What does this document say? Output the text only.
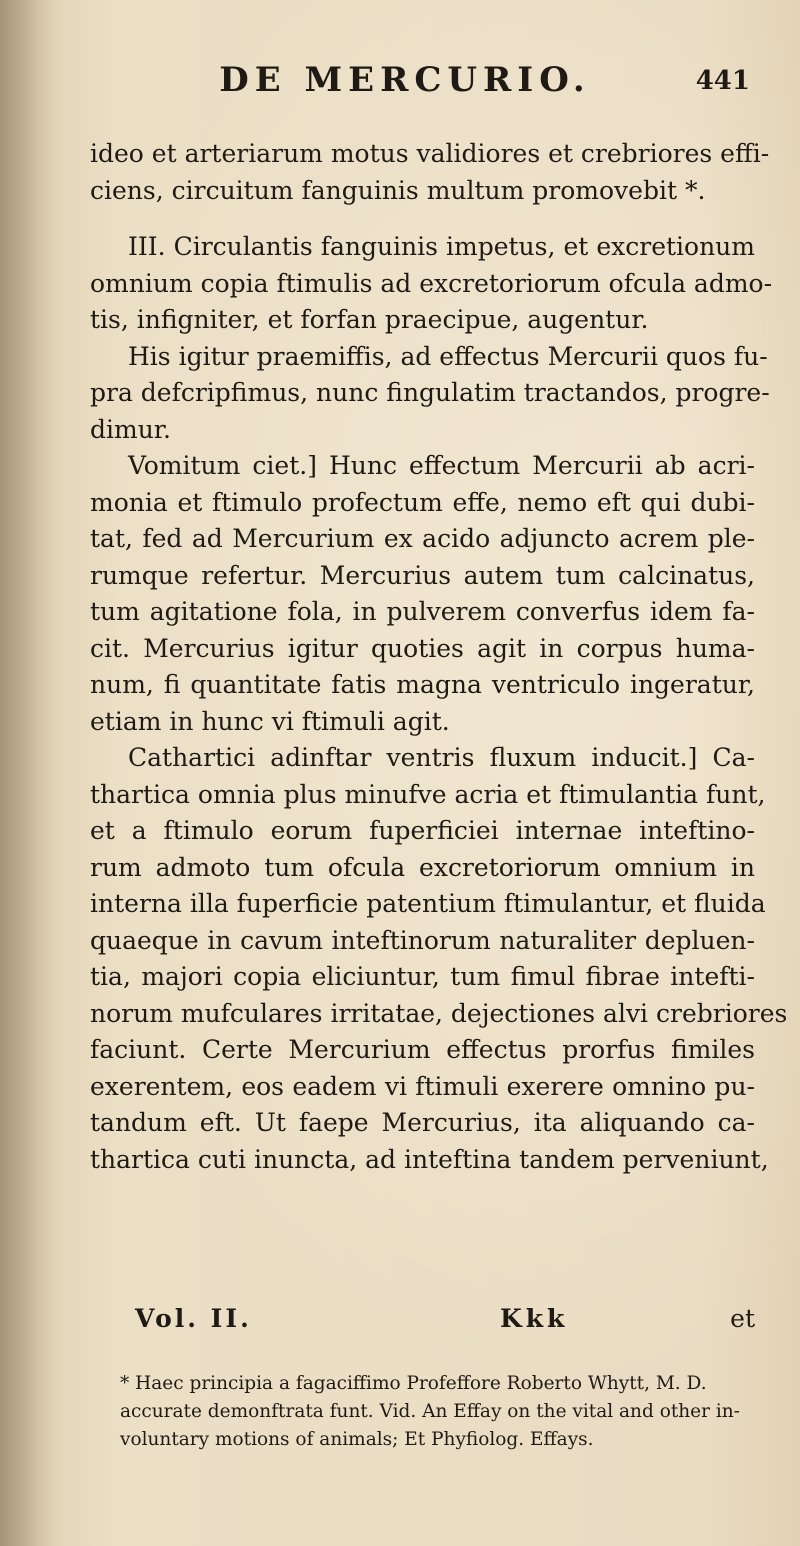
DE MERCURIO.	441
ideo et arteriarum motus validiores et crebriores effi-
ciens, circuitum fanguinis multum promovebit *.
III. Circulantis fanguinis impetus, et excretionum
omnium copia ftimulis ad excretoriorum ofcula admo-
tis, infigniter, et forfan praecipue, augentur.
His igitur praemiffis, ad effectus Mercurii quos fu-
pra defcripfimus, nunc fingulatim tractandos, progre-
dimur.
Vomitum ciet.] Hunc effectum Mercurii ab acri-
monia et ftimulo profectum effe, nemo eft qui dubi-
tat, fed ad Mercurium ex acido adjuncto acrem ple-
rumque refertur. Mercurius autem tum calcinatus,
tum agitatione fola, in pulverem converfus idem fa-
cit. Mercurius igitur quoties agit in corpus huma-
num, fi quantitate fatis magna ventriculo ingeratur,
etiam in hunc vi ftimuli agit.
Cathartici adinftar ventris fluxum inducit.] Ca-
thartica omnia plus minufve acria et ftimulantia funt,
et a ftimulo eorum fuperficiei internae inteftino-
rum admoto tum ofcula excretoriorum omnium in
interna illa fuperficie patentium ftimulantur, et fluida
quaeque in cavum inteftinorum naturaliter depluen-
tia, majori copia eliciuntur, tum fimul fibrae intefti-
norum mufculares irritatae, dejectiones alvi crebriores
faciunt. Certe Mercurium effectus prorfus fimiles
exerentem, eos eadem vi ftimuli exerere omnino pu-
tandum eft. Ut faepe Mercurius, ita aliquando ca-
thartica cuti inuncta, ad inteftina tandem perveniunt,
Vol. II.	Kkk	et
* Haec principia a fagaciffimo Profeffore Roberto Whytt, M. D.
accurate demonftrata funt. Vid. An Effay on the vital and other in-
voluntary motions of animals; Et Phyfiolog. Effays.
